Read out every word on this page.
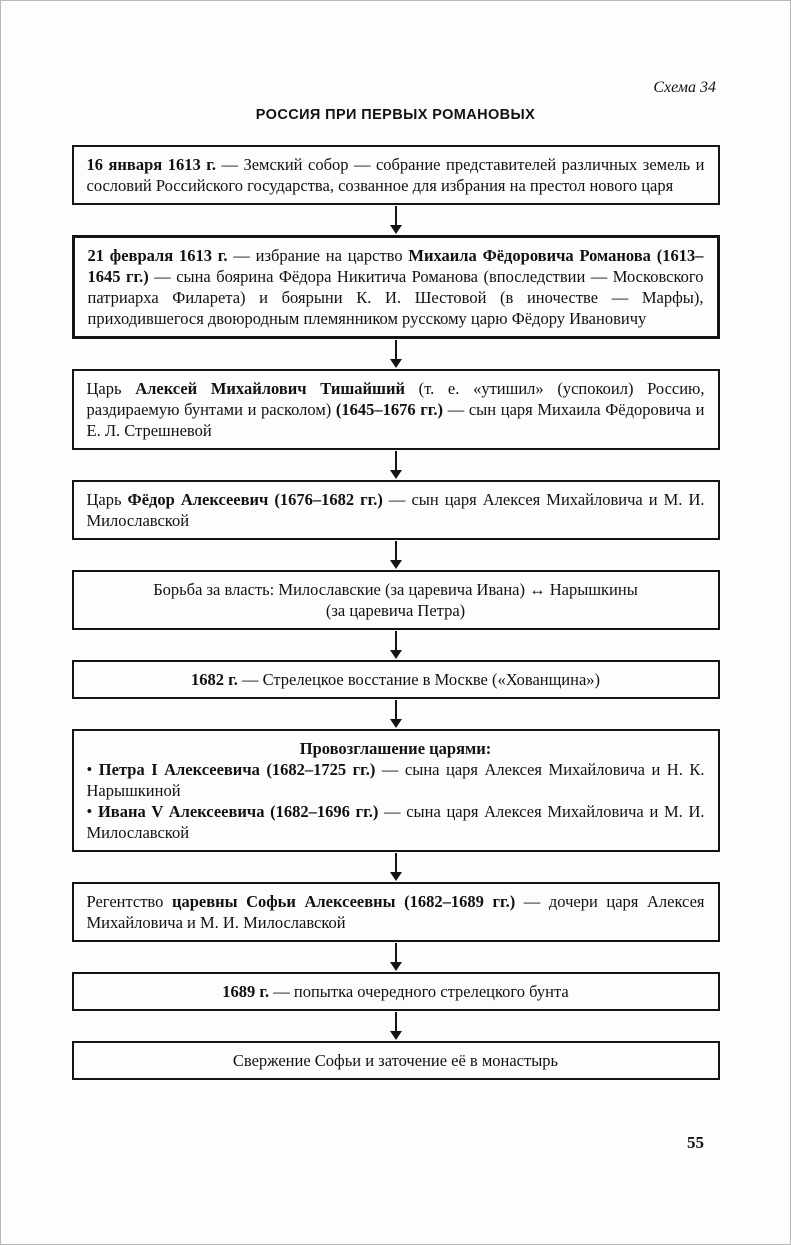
Схема 34
РОССИЯ ПРИ ПЕРВЫХ РОМАНОВЫХ

16 января 1613 г. — Земский собор — собрание представителей различных земель и сословий Российского государства, созванное для избрания на престол нового царя

21 февраля 1613 г. — избрание на царство Михаила Фёдоровича Романова (1613–1645 гг.) — сына боярина Фёдора Никитича Романова (впоследствии — Московского патриарха Филарета) и боярыни К. И. Шестовой (в иночестве — Марфы), приходившегося двоюродным племянником русскому царю Фёдору Ивановичу

Царь Алексей Михайлович Тишайший (т. е. «утишил» (успокоил) Россию, раздираемую бунтами и расколом) (1645–1676 гг.) — сын царя Михаила Фёдоровича и Е. Л. Стрешневой

Царь Фёдор Алексеевич (1676–1682 гг.) — сын царя Алексея Михайловича и М. И. Милославской

Борьба за власть: Милославские (за царевича Ивана) ↔ Нарышкины
(за царевича Петра)

1682 г. — Стрелецкое восстание в Москве («Хованщина»)

Провозглашение царями:

• Петра I Алексеевича (1682–1725 гг.) — сына царя Алексея Михайловича и Н. К. Нарышкиной

• Ивана V Алексеевича (1682–1696 гг.) — сына царя Алексея Михайловича и М. И. Милославской

Регентство царевны Софьи Алексеевны (1682–1689 гг.) — дочери царя Алексея Михайловича и М. И. Милославской

1689 г. — попытка очередного стрелецкого бунта

Свержение Софьи и заточение её в монастырь

55
